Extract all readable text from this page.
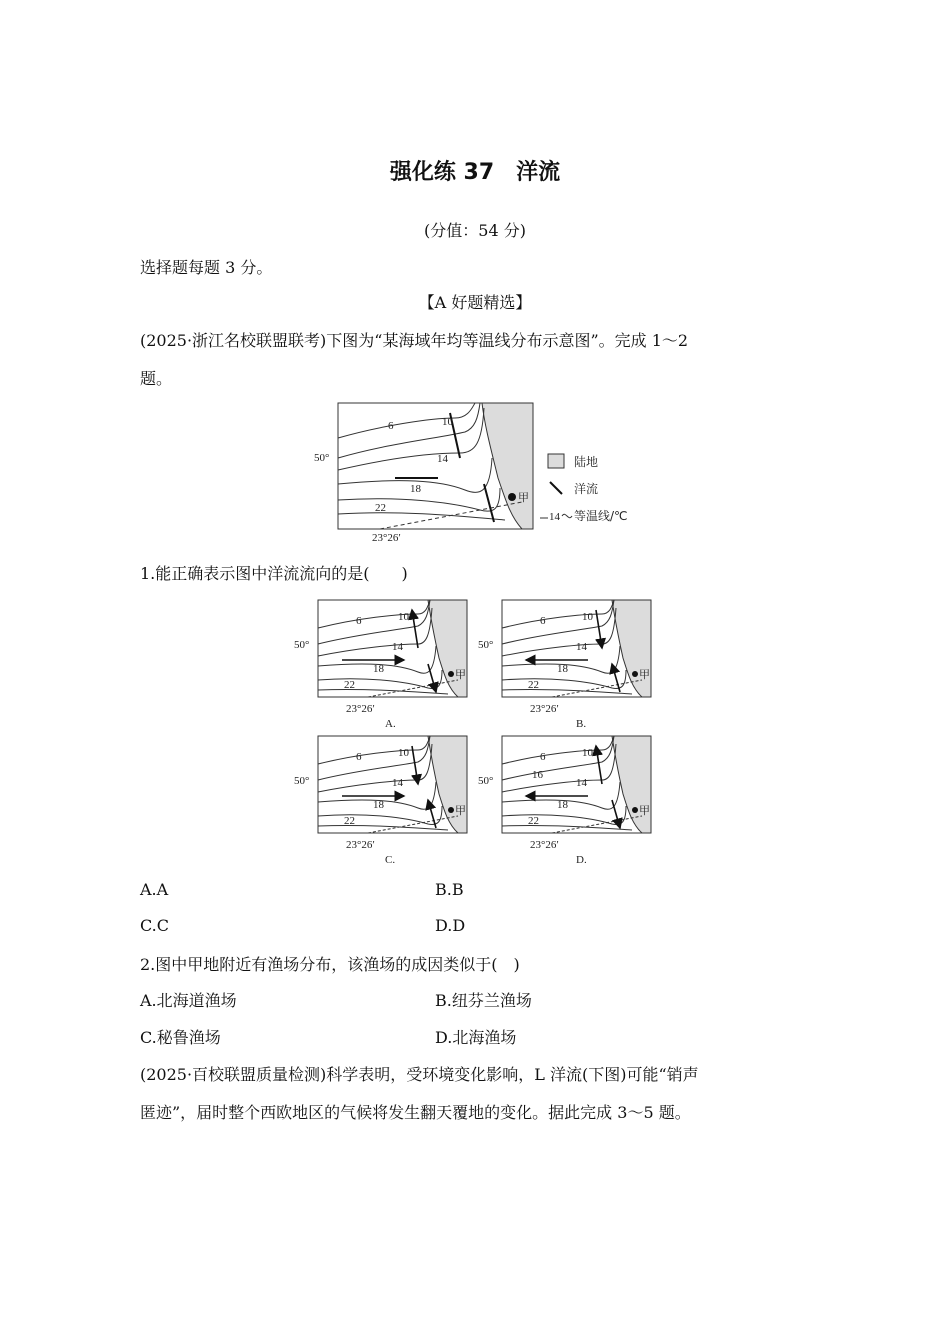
强化练 37　洋流
(分值：54 分)
选择题每题 3 分。
【A 好题精选】
(2025·浙江名校联盟联考)下图为“某海域年均等温线分布示意图”。完成 1～2
题。
甲
6	10
14
18
22
50°
23°26′
陆地
洋流
14 等温线/℃
1.能正确表示图中洋流流向的是(　　)
甲
6	10
14
18
22
50°
23°26′
A.
甲
6	10
14
18
22
50°
23°26′
B.
甲
6	10
14
18
22
50°
23°26′
C.
甲
6	10
16
14
18
22
50°
23°26′
D.
A.A	B.B
C.C	D.D
2.图中甲地附近有渔场分布，该渔场的成因类似于(　)
A.北海道渔场	B.纽芬兰渔场
C.秘鲁渔场	D.北海渔场
(2025·百校联盟质量检测)科学表明，受环境变化影响，L 洋流(下图)可能“销声
匿迹”，届时整个西欧地区的气候将发生翻天覆地的变化。据此完成 3～5 题。
